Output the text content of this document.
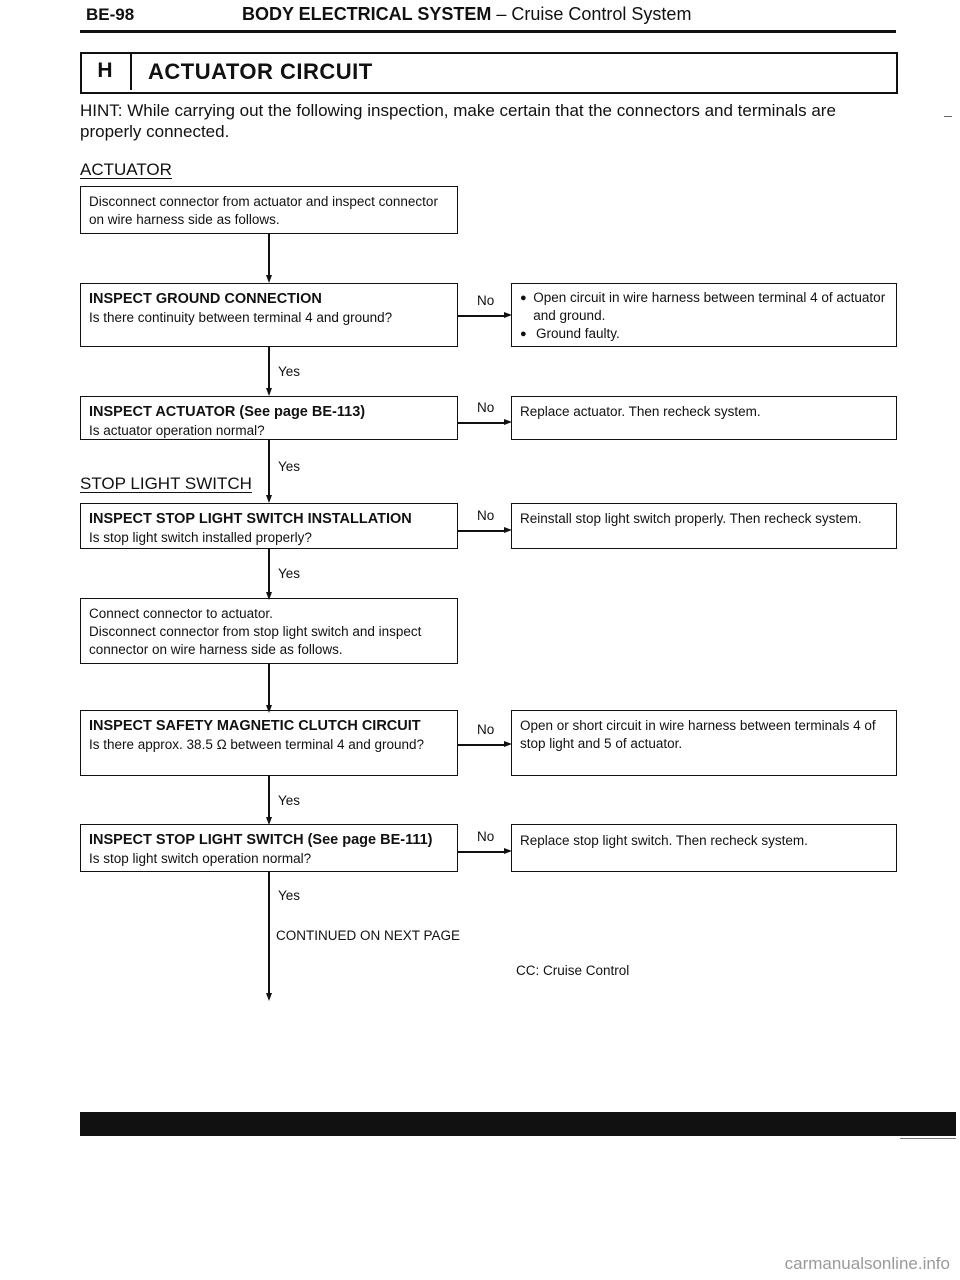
BE-98	BODY ELECTRICAL SYSTEM – Cruise Control System
H	ACTUATOR CIRCUIT
HINT: While carrying out the following inspection, make certain that the connectors and terminals are properly connected.
ACTUATOR
Disconnect connector from actuator and inspect connector on wire harness side as follows.
INSPECT GROUND CONNECTION
Is there continuity between terminal 4 and ground?
No ● Open circuit in wire harness between terminal 4 of actuator and ground.
● Ground faulty.
Yes
INSPECT ACTUATOR (See page BE-113)
Is actuator operation normal?
No	Replace actuator. Then recheck system.
Yes
STOP LIGHT SWITCH
INSPECT STOP LIGHT SWITCH INSTALLATION
Is stop light switch installed properly?
No	Reinstall stop light switch properly. Then recheck system.
Yes
Connect connector to actuator.
Disconnect connector from stop light switch and inspect connector on wire harness side as follows.
INSPECT SAFETY MAGNETIC CLUTCH CIRCUIT
Is there approx. 38.5 Ω between terminal 4 and ground?
No	Open or short circuit in wire harness between terminals 4 of stop light and 5 of actuator.
Yes
INSPECT STOP LIGHT SWITCH (See page BE-111)
Is stop light switch operation normal?
No	Replace stop light switch. Then recheck system.
Yes
CONTINUED ON NEXT PAGE
CC: Cruise Control
carmanualsonline.info
